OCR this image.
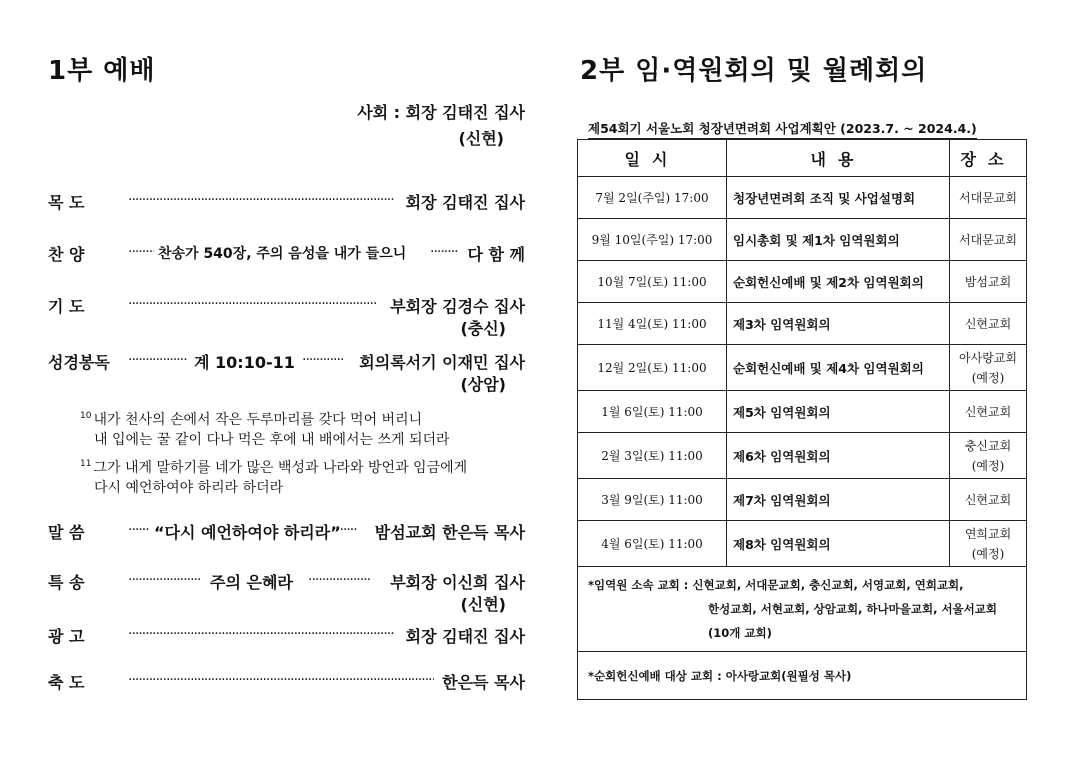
1부 예배
사회 : 회장 김태진 집사
(신현)
목 도 ·····	회장 김태진 집사
찬 양 ·····	찬송가 540장, 주의 음성을 내가 들으니 ·····	다 함 께
기 도 ·····	부회장 김경수 집사
(충신)
성경봉독 ·····	계 10:10-11 ·····	회의록서기 이재민 집사
(상암)
$^{10}$ 내가 천사의 손에서 작은 두루마리를 갖다 먹어 버리니
내 입에는 꿀 같이 다나 먹은 후에 내 배에서는 쓰게 되더라
$^{11}$ 그가 내게 말하기를 네가 많은 백성과 나라와 방언과 임금에게
다시 예언하여야 하리라 하더라
말 씀 ·····	“다시 예언하여야 하리라” ·····	밤섬교회 한은득 목사
특 송 ·····	주의 은혜라 ·····	부회장 이신희 집사
(신현)
광 고 ·····	회장 김태진 집사
축 도 ·····	한은득 목사
2부 임·역원회의 및 월례회의
제54회기 서울노회 청장년면려회 사업계획안 (2023.7. ~ 2024.4.)
일시	내용	장소
7월 2일(주일) 17:00	청장년면려회 조직 및 사업설명회	서대문교회
9월 10일(주일) 17:00	임시총회 및 제1차 임역원회의	서대문교회
10월 7일(토) 11:00	순회헌신예배 및 제2차 임역원회의	밤섬교회
11월 4일(토) 11:00	제3차 임역원회의	신현교회
12월 2일(토) 11:00	순회헌신예배 및 제4차 임역원회의	아사랑교회
(예정)

1월 6일(토) 11:00	제5차 임역원회의	신현교회
2월 3일(토) 11:00	제6차 임역원회의	충신교회
(예정)

3월 9일(토) 11:00	제7차 임역원회의	신현교회
4월 6일(토) 11:00	제8차 임역원회의	연희교회
(예정)

*임역원 소속 교회 : 신현교회, 서대문교회, 충신교회, 서영교회, 연희교회,
한성교회, 서현교회, 상암교회, 하나마을교회, 서울서교회
(10개 교회)		

*순회헌신예배 대상 교회 : 아사랑교회(원필성 목사)		
